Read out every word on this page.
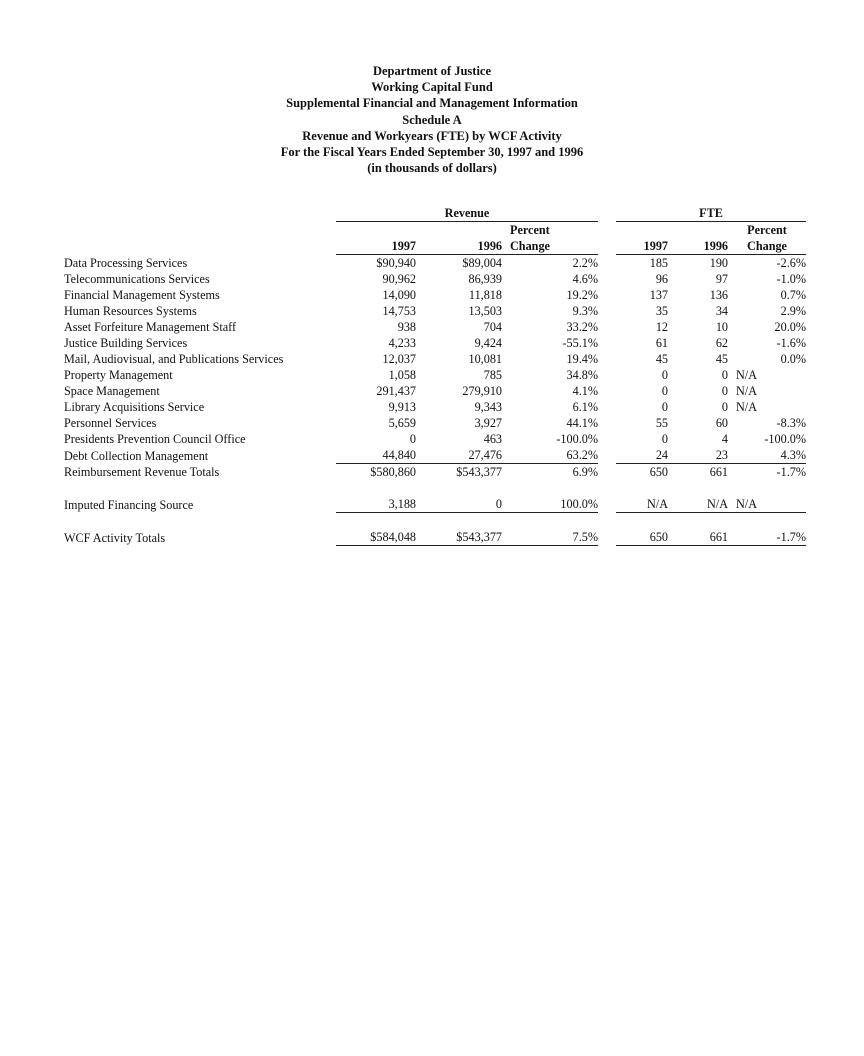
Department of Justice
Working Capital Fund
Supplemental Financial and Management Information
Schedule A
Revenue and Workyears (FTE) by WCF Activity
For the Fiscal Years Ended September 30, 1997 and 1996
(in thousands of dollars)
	Revenue				FTE		
			Percent				Percent
	1997	1996	Change		1997	1996	Change
Data Processing Services	$90,940	$89,004	2.2%		185	190	-2.6%
Telecommunications Services	90,962	86,939	4.6%		96	97	-1.0%
Financial Management Systems	14,090	11,818	19.2%		137	136	0.7%
Human Resources Systems	14,753	13,503	9.3%		35	34	2.9%
Asset Forfeiture Management Staff	938	704	33.2%		12	10	20.0%
Justice Building Services	4,233	9,424	-55.1%		61	62	-1.6%
Mail, Audiovisual, and Publications Services	12,037	10,081	19.4%		45	45	0.0%
Property Management	1,058	785	34.8%		0	0	N/A
Space Management	291,437	279,910	4.1%		0	0	N/A
Library Acquisitions Service	9,913	9,343	6.1%		0	0	N/A
Personnel Services	5,659	3,927	44.1%		55	60	-8.3%
Presidents Prevention Council Office	0	463	-100.0%		0	4	-100.0%
Debt Collection Management	44,840	27,476	63.2%		24	23	4.3%
Reimbursement Revenue Totals	$580,860	$543,377	6.9%		650	661	-1.7%

Imputed Financing Source	3,188	0	100.0%		N/A	N/A	N/A

WCF Activity Totals	$584,048	$543,377	7.5%		650	661	-1.7%
